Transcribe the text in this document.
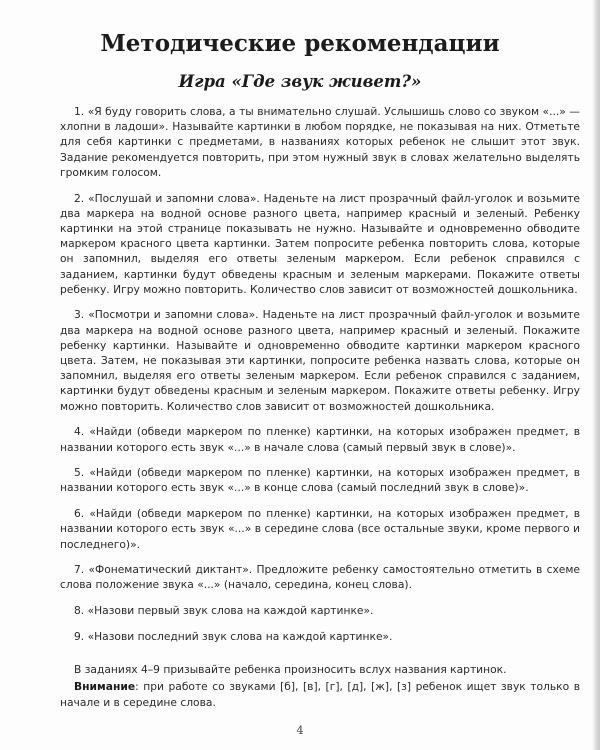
Методические рекомендации
Игра «Где звук живет?»

1. «Я буду говорить слова, а ты внимательно слушай. Услышишь слово со звуком «...» — хлопни в ладоши». Называйте картинки в любом порядке, не показывая на них. Отметьте для себя картинки с предметами, в названиях которых ребенок не слышит этот звук. Задание рекомендуется повторить, при этом нужный звук в словах желательно выделять громким голосом.

2. «Послушай и запомни слова». Наденьте на лист прозрачный файл-уголок и возьмите два маркера на водной основе разного цвета, например красный и зеленый. Ребенку картинки на этой странице показывать не нужно. Называйте и одновременно обводите маркером красного цвета картинки. Затем попросите ребенка повторить слова, которые он запомнил, выделяя его ответы зеленым маркером. Если ребенок справился с заданием, картинки будут обведены красным и зеленым маркерами. Покажите ответы ребенку. Игру можно повторить. Количество слов зависит от возможностей дошкольника.

3. «Посмотри и запомни слова». Наденьте на лист прозрачный файл-уголок и возьмите два маркера на водной основе разного цвета, например красный и зеленый. Покажите ребенку картинки. Называйте и одновременно обводите картинки маркером красного цвета. Затем, не показывая эти картинки, попросите ребенка назвать слова, которые он запомнил, выделяя его ответы зеленым маркером. Если ребенок справился с заданием, картинки будут обведены красным и зеленым маркером. Покажите ответы ребенку. Игру можно повторить. Количество слов зависит от возможностей дошкольника.

4. «Найди (обведи маркером по пленке) картинки, на которых изображен предмет, в названии которого есть звук «...» в начале слова (самый первый звук в слове)».

5. «Найди (обведи маркером по пленке) картинки, на которых изображен предмет, в названии которого есть звук «...» в конце слова (самый последний звук в слове)».

6. «Найди (обведи маркером по пленке) картинки, на которых изображен предмет, в названии которого есть звук «...» в середине слова (все остальные звуки, кроме первого и последнего)».

7. «Фонематический диктант». Предложите ребенку самостоятельно отметить в схеме слова положение звука «...» (начало, середина, конец слова).

8. «Назови первый звук слова на каждой картинке».

9. «Назови последний звук слова на каждой картинке».

В заданиях 4–9 призывайте ребенка произносить вслух названия картинок.

Внимание: при работе со звуками [б], [в], [г], [д], [ж], [з] ребенок ищет звук только в начале и в середине слова.

4
